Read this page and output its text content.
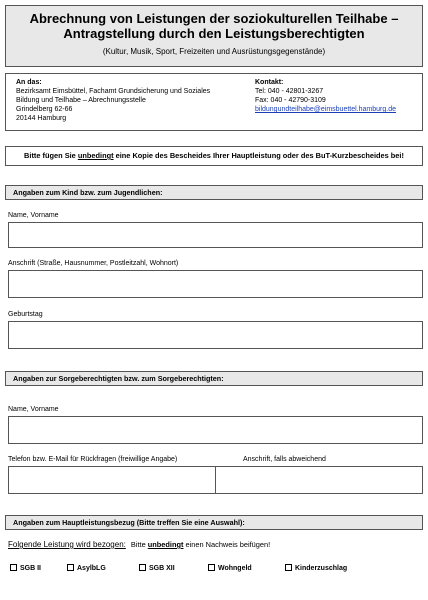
Abrechnung von Leistungen der soziokulturellen Teilhabe –
Antragstellung durch den Leistungsberechtigten
(Kultur, Musik, Sport, Freizeiten und Ausrüstungsgegenstände)
An das:
Bezirksamt Eimsbüttel, Fachamt Grundsicherung und Soziales
Bildung und Teilhabe – Abrechnungsstelle
Grindelberg 62-66
20144 Hamburg
Kontakt:
Tel: 040 - 42801-3267
Fax: 040 - 42790-3109
bildungundteilhabe@eimsbuettel.hamburg.de
Bitte fügen Sie unbedingt eine Kopie des Bescheides Ihrer Hauptleistung oder des BuT-Kurzbescheides bei!
Angaben zum Kind bzw. zum Jugendlichen:
Name, Vorname
Anschrift (Straße, Hausnummer, Postleitzahl, Wohnort)
Geburtstag
Angaben zur Sorgeberechtigten bzw. zum Sorgeberechtigten:
Name, Vorname
Telefon bzw. E-Mail für Rückfragen (freiwillige Angabe)	Anschrift, falls abweichend
Angaben zum Hauptleistungsbezug (Bitte treffen Sie eine Auswahl):
Folgende Leistung wird bezogen: Bitte unbedingt einen Nachweis beifügen!
SGB II	AsylbLG	SGB XII	Wohngeld	Kinderzuschlag
